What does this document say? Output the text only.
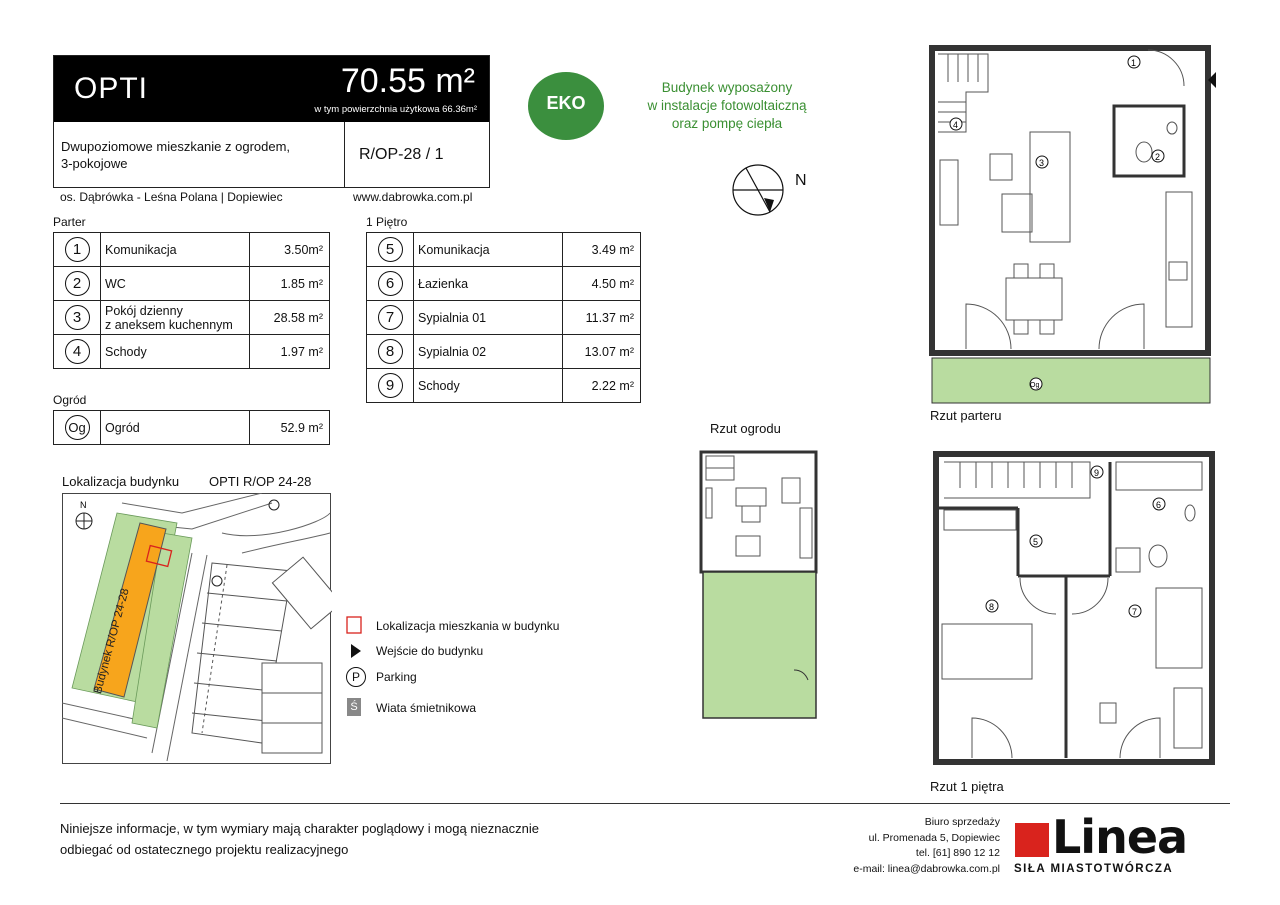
OPTI	70.55 m²
w tym powierzchnia użytkowa 66.36m²
Dwupoziomowe mieszkanie z ogrodem,
3-pokojowe
R/OP-28 / 1
os. Dąbrówka - Leśna Polana | Dopiewiec	www.dabrowka.com.pl
EKO
Budynek wyposażony
w instalacje fotowoltaiczną
oraz pompę ciepła
N
Parter
1	Komunikacja	3.50m²
2	WC	1.85 m²
3	Pokój dzienny
z aneksem kuchennym	28.58 m²
4	Schody	1.97 m²
Ogród
Og	Ogród	52.9 m²
1 Piętro
5	Komunikacja	3.49 m²
6	Łazienka	4.50 m²
7	Sypialnia 01	11.37 m²
8	Sypialnia 02	13.07 m²
9	Schody	2.22 m²
Lokalizacja budynku OPTI R/OP 24-28
N
Budynek R/OP 24-28	Lokalizacja mieszkania w budynku
Wejście do budynku
P	Parking
Ś Wiata śmietnikowa
Rzut ogrodu
1
2
3
4
Og
Rzut parteru
5
6
7
8
9
Rzut 1 piętra
Niniejsze informacje, w tym wymiary mają charakter poglądowy i mogą nieznacznie
odbiegać od ostatecznego projektu realizacyjnego
Biuro sprzedaży
ul. Promenada 5, Dopiewiec
tel. [61] 890 12 12
e-mail: linea@dabrowka.com.pl
Linea
SIŁA MIASTOTWÓRCZA
